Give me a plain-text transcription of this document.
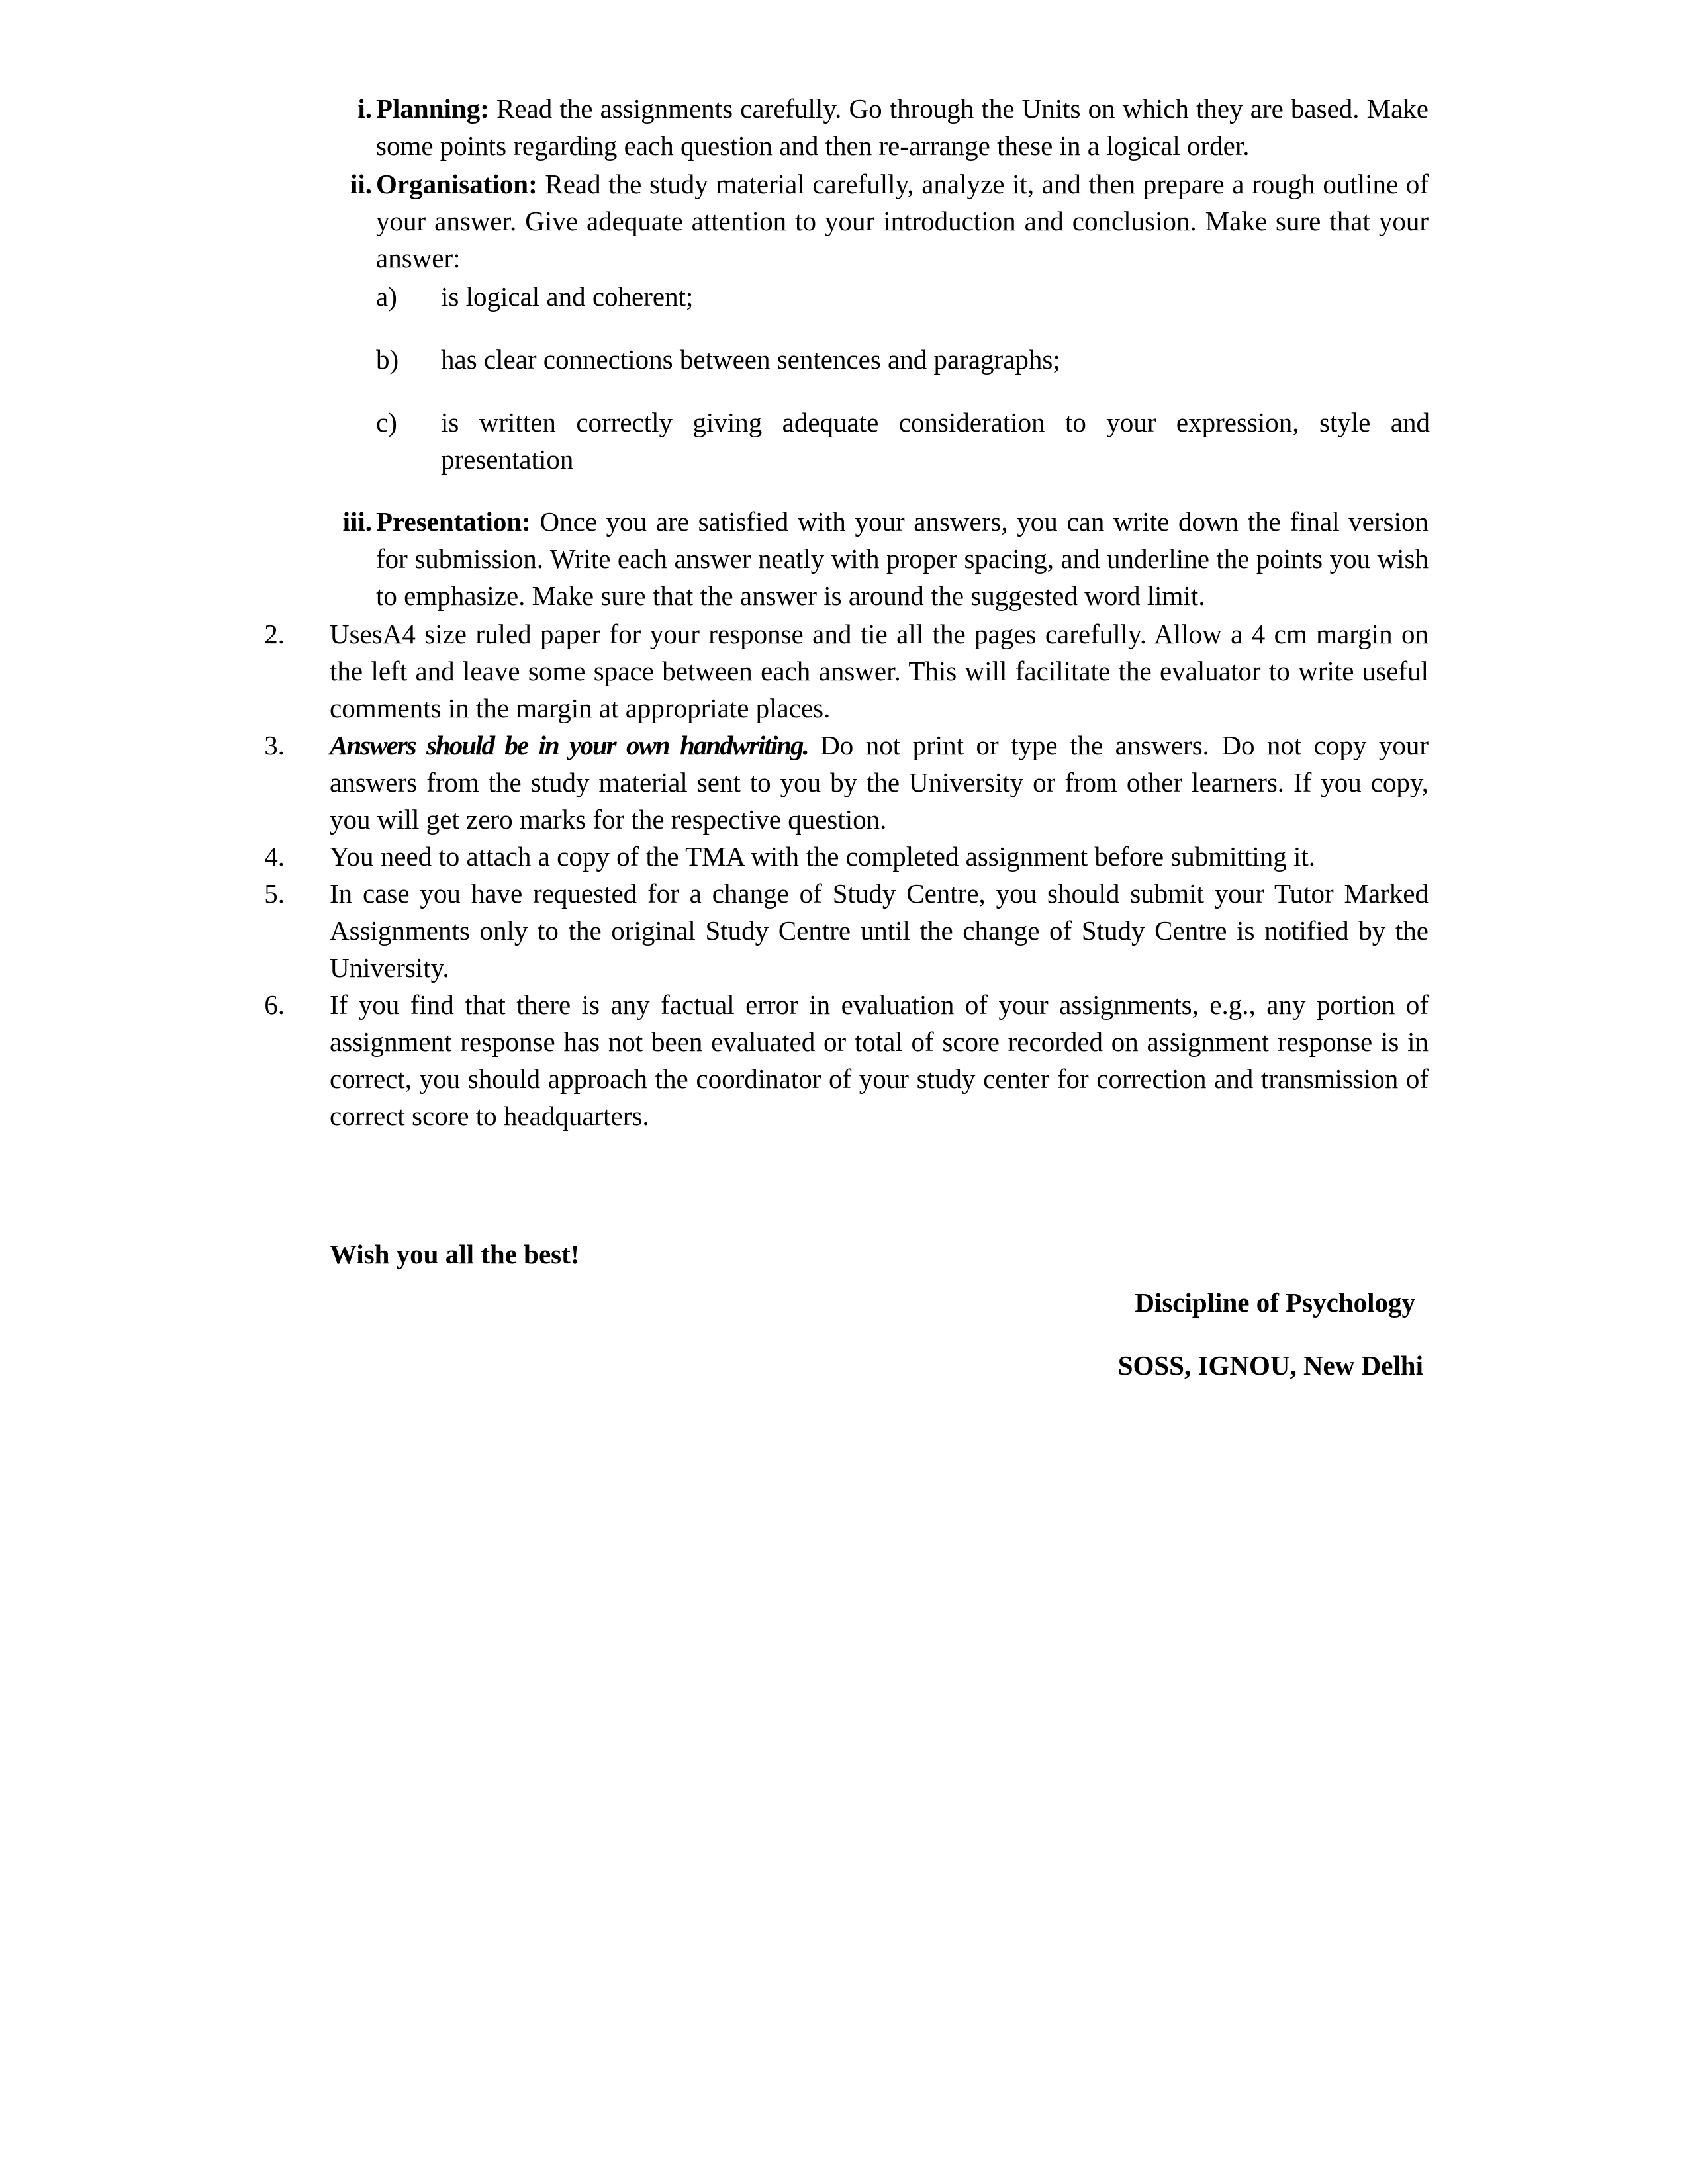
i. Planning: Read the assignments carefully. Go through the Units on which they are based. Make some points regarding each question and then re-arrange these in a logical order.
ii. Organisation: Read the study material carefully, analyze it, and then prepare a rough outline of your answer. Give adequate attention to your introduction and conclusion. Make sure that your answer:
a)	is logical and coherent;
b)	has clear connections between sentences and paragraphs;
c)	is written correctly giving adequate consideration to your expression, style and presentation
iii. Presentation: Once you are satisfied with your answers, you can write down the final version for submission. Write each answer neatly with proper spacing, and underline the points you wish to emphasize. Make sure that the answer is around the suggested word limit.
2. UsesA4 size ruled paper for your response and tie all the pages carefully. Allow a 4 cm margin on the left and leave some space between each answer. This will facilitate the evaluator to write useful comments in the margin at appropriate places.
3. Answers should be in your own handwriting. Do not print or type the answers. Do not copy your answers from the study material sent to you by the University or from other learners. If you copy, you will get zero marks for the respective question.
4. You need to attach a copy of the TMA with the completed assignment before submitting it.
5. In case you have requested for a change of Study Centre, you should submit your Tutor Marked Assignments only to the original Study Centre until the change of Study Centre is notified by the University.
6. If you find that there is any factual error in evaluation of your assignments, e.g., any portion of assignment response has not been evaluated or total of score recorded on assignment response is in correct, you should approach the coordinator of your study center for correction and transmission of correct score to headquarters.
Wish you all the best!
Discipline of Psychology
SOSS, IGNOU, New Delhi
